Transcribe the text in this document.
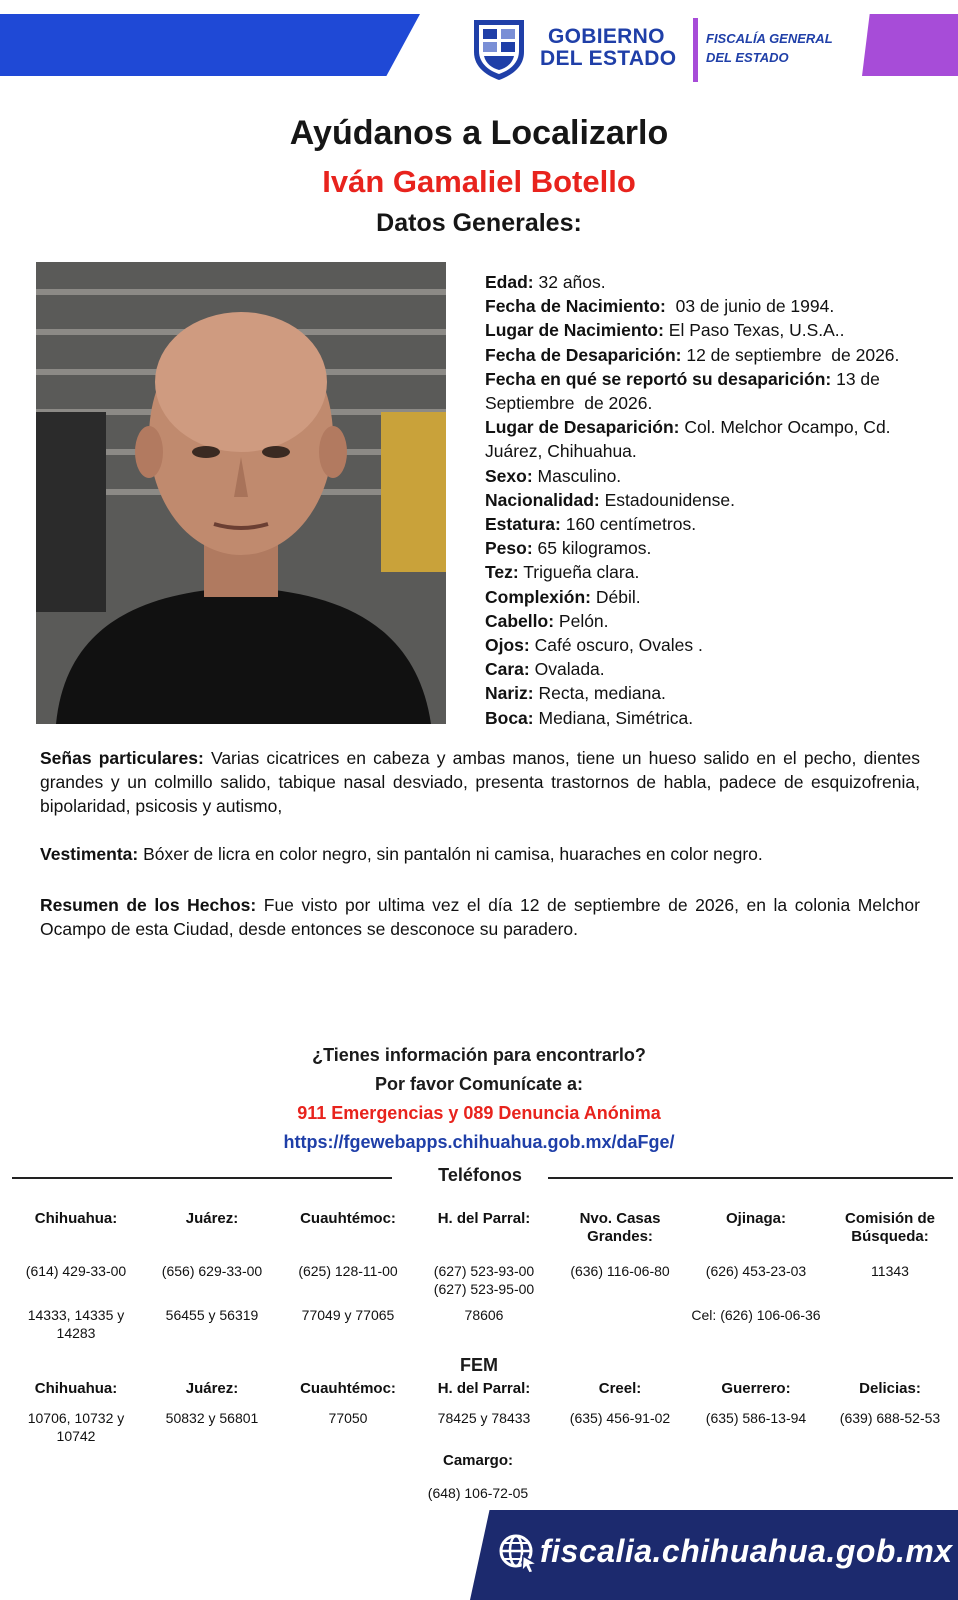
GOBIERNO
DEL ESTADO
FISCALÍA GENERAL
DEL ESTADO
Ayúdanos a Localizarlo
Iván Gamaliel Botello
Datos Generales:
Edad: 32 años.
Fecha de Nacimiento:  03 de junio de 1994.
Lugar de Nacimiento: El Paso Texas, U.S.A..
Fecha de Desaparición: 12 de septiembre  de 2026.
Fecha en qué se reportó su desaparición: 13 de Septiembre  de 2026.
Lugar de Desaparición: Col. Melchor Ocampo, Cd. Juárez, Chihuahua.
Sexo: Masculino.
Nacionalidad: Estadounidense.
Estatura: 160 centímetros.
Peso: 65 kilogramos.
Tez: Trigueña clara.
Complexión: Débil.
Cabello: Pelón.
Ojos: Café oscuro, Ovales .
Cara: Ovalada.
Nariz: Recta, mediana.
Boca: Mediana, Simétrica.
Señas particulares: Varias cicatrices en cabeza y ambas manos, tiene un hueso salido en el pecho, dientes grandes y un colmillo salido, tabique nasal desviado, presenta trastornos de habla, padece de esquizofrenia, bipolaridad, psicosis y autismo,
Vestimenta: Bóxer de licra en color negro, sin pantalón ni camisa, huaraches en color negro.
Resumen de los Hechos: Fue visto por ultima vez el día 12 de septiembre de 2026, en la colonia Melchor Ocampo de esta Ciudad, desde entonces se desconoce su paradero.
¿Tienes información para encontrarlo?
Por favor Comunícate a:
911 Emergencias y 089 Denuncia Anónima
https://fgewebapps.chihuahua.gob.mx/daFge/
Teléfonos
Chihuahua:
(614) 429-33-00
14333, 14335 y 14283
Juárez:
(656) 629-33-00
56455 y 56319
Cuauhtémoc:
(625) 128-11-00
77049 y 77065
H. del Parral:
(627) 523-93-00 (627) 523-95-00
78606
Nvo. Casas Grandes:
(636) 116-06-80
Ojinaga:
(626) 453-23-03
Cel: (626) 106-06-36
Comisión de Búsqueda:
11343
FEM
Chihuahua:
10706, 10732 y 10742
Juárez:
50832 y 56801
Cuauhtémoc:
77050
H. del Parral:
78425 y 78433
Creel:
(635) 456-91-02
Guerrero:
(635) 586-13-94
Delicias:
(639) 688-52-53
Camargo:
(648) 106-72-05
fiscalia.chihuahua.gob.mx
